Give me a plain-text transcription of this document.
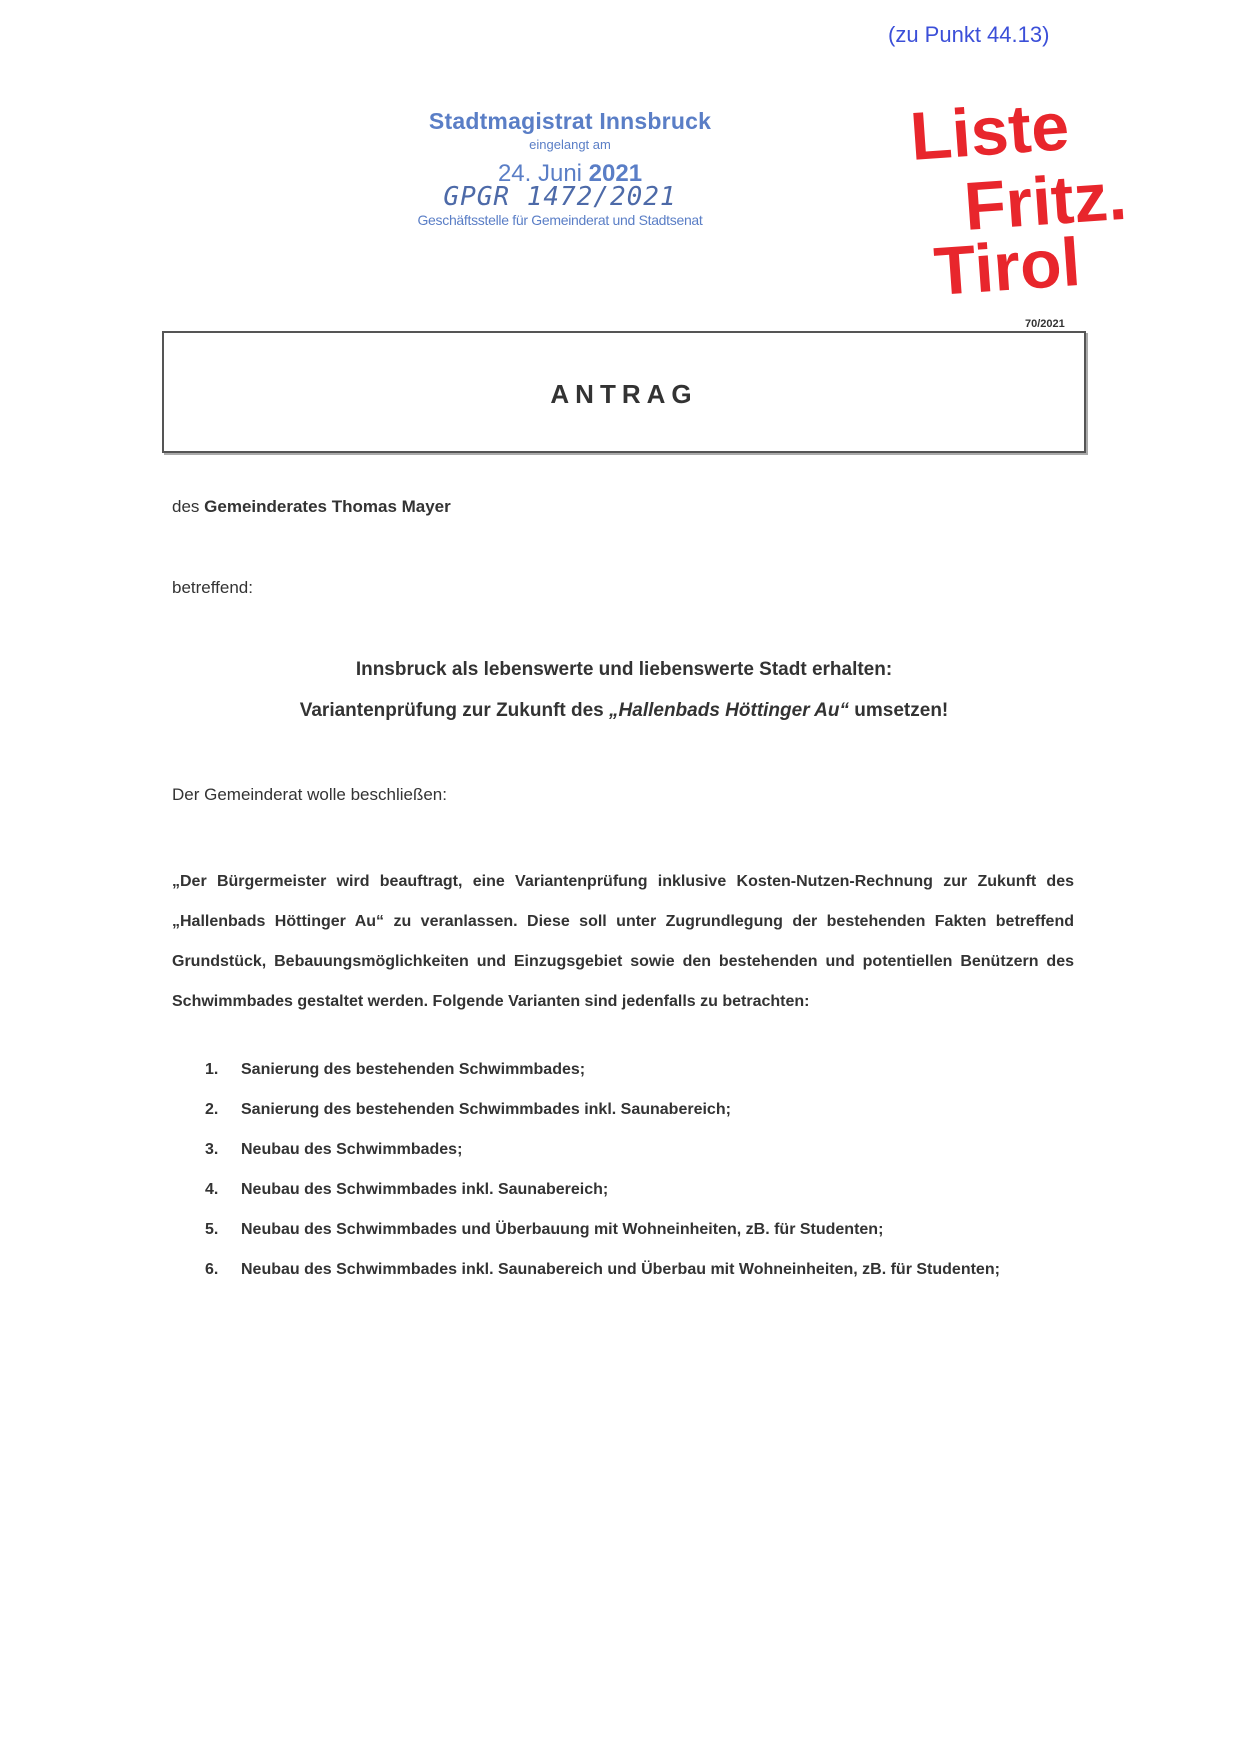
(zu Punkt 44.13)
Stadtmagistrat Innsbruck
eingelangt am
24. Juni 2021
GPGR 1472/2021
Geschäftsstelle für Gemeinderat und Stadtsenat
Liste
Fritz.
Tirol
70/2021
ANTRAG
des Gemeinderates Thomas Mayer
betreffend:
Innsbruck als lebenswerte und liebenswerte Stadt erhalten:
Variantenprüfung zur Zukunft des „Hallenbads Höttinger Au“ umsetzen!
Der Gemeinderat wolle beschließen:
„Der Bürgermeister wird beauftragt, eine Variantenprüfung inklusive Kosten-Nutzen-Rechnung zur Zukunft des „Hallenbads Höttinger Au“ zu veranlassen. Diese soll unter Zugrundlegung der bestehenden Fakten betreffend Grundstück, Bebauungsmöglichkeiten und Einzugsgebiet sowie den bestehenden und potentiellen Benützern des Schwimmbades gestaltet werden. Folgende Varianten sind jedenfalls zu betrachten:
1. Sanierung des bestehenden Schwimmbades;
2. Sanierung des bestehenden Schwimmbades inkl. Saunabereich;
3. Neubau des Schwimmbades;
4. Neubau des Schwimmbades inkl. Saunabereich;
5. Neubau des Schwimmbades und Überbauung mit Wohneinheiten, zB. für Studenten;
6. Neubau des Schwimmbades inkl. Saunabereich und Überbau mit Wohneinheiten, zB. für Studenten;
